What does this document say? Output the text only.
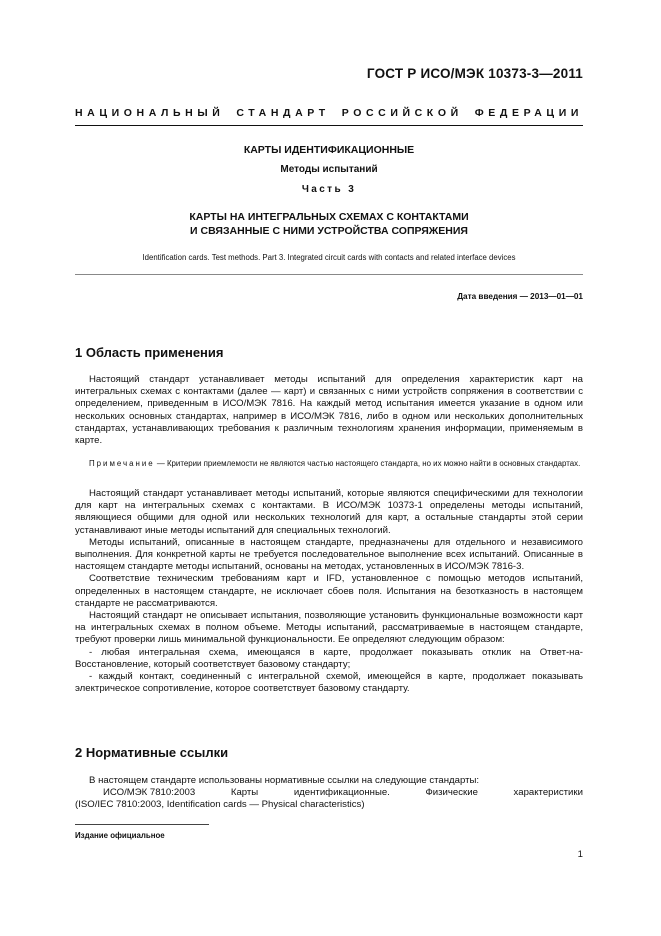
ГОСТ Р ИСО/МЭК 10373-3—2011
НАЦИОНАЛЬНЫЙ СТАНДАРТ РОССИЙСКОЙ ФЕДЕРАЦИИ
КАРТЫ ИДЕНТИФИКАЦИОННЫЕ
Методы испытаний
Часть 3
КАРТЫ НА ИНТЕГРАЛЬНЫХ СХЕМАХ С КОНТАКТАМИ
И СВЯЗАННЫЕ С НИМИ УСТРОЙСТВА СОПРЯЖЕНИЯ
Identification cards. Test methods. Part 3. Integrated circuit cards with contacts and related interface devices
Дата введения — 2013—01—01
1 Область применения

Настоящий стандарт устанавливает методы испытаний для определения характеристик карт на интегральных схемах с контактами (далее — карт) и связанных с ними устройств сопряжения в соответствии с определением, приведенным в ИСО/МЭК 7816. На каждый метод испытания имеется указание в одном или нескольких основных стандартах, например в ИСО/МЭК 7816, либо в одном или нескольких дополнительных стандартах, устанавливающих требования к различным технологиям хранения информации, применяемым в карте.

Примечание — Критерии приемлемости не являются частью настоящего стандарта, но их можно найти в основных стандартах.

Настоящий стандарт устанавливает методы испытаний, которые являются специфическими для технологии для карт на интегральных схемах с контактами. В ИСО/МЭК 10373-1 определены методы испытаний, являющиеся общими для одной или нескольких технологий для карт, а остальные стандарты этой серии устанавливают иные методы испытаний для специальных технологий.

Методы испытаний, описанные в настоящем стандарте, предназначены для отдельного и независимого выполнения. Для конкретной карты не требуется последовательное выполнение всех испытаний. Описанные в настоящем стандарте методы испытаний, основаны на методах, установленных в ИСО/МЭК 7816-3.

Соответствие техническим требованиям карт и IFD, установленное с помощью методов испытаний, определенных в настоящем стандарте, не исключает сбоев поля. Испытания на безотказность в настоящем стандарте не рассматриваются.

Настоящий стандарт не описывает испытания, позволяющие установить функциональные возможности карт на интегральных схемах в полном объеме. Методы испытаний, рассматриваемые в настоящем стандарте, требуют проверки лишь минимальной функциональности. Ее определяют следующим образом:

- любая интегральная схема, имеющаяся в карте, продолжает показывать отклик на Ответ-на-Восстановление, который соответствует базовому стандарту;

- каждый контакт, соединенный с интегральной схемой, имеющейся в карте, продолжает показывать электрическое сопротивление, которое соответствует базовому стандарту.

2 Нормативные ссылки

В настоящем стандарте использованы нормативные ссылки на следующие стандарты:

ИСО/МЭК 7810:2003	Карты	идентификационные.	Физические	характеристики

(ISO/IEC 7810:2003, Identification cards — Physical characteristics)

Издание официальное
1
